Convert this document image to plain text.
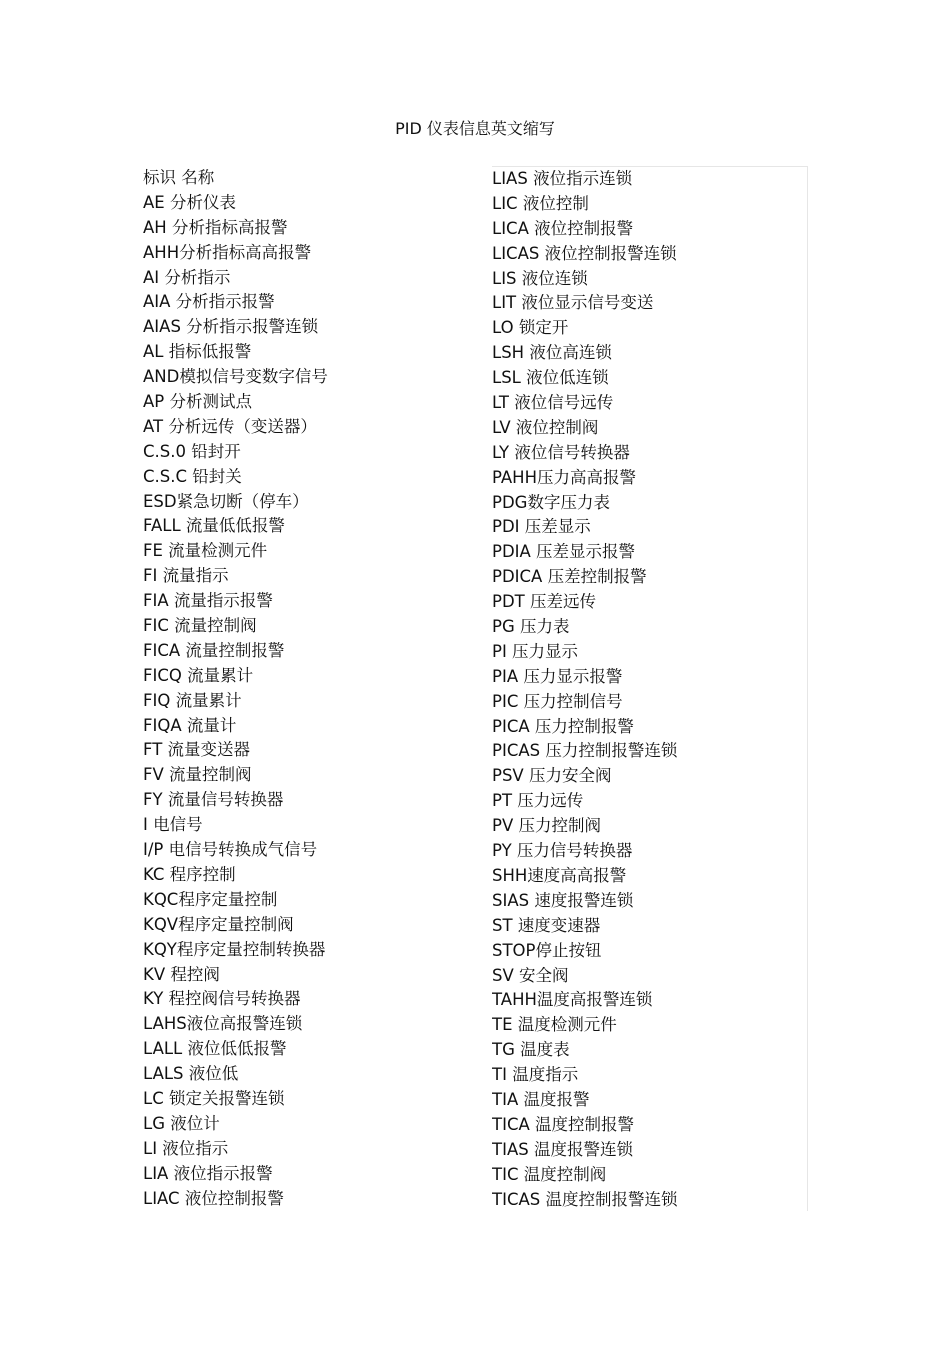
PID 仪表信息英文缩写
标识 名称
AE 分析仪表
AH 分析指标高报警
AHH分析指标高高报警
AI 分析指示
AIA 分析指示报警
AIAS 分析指示报警连锁
AL 指标低报警
AND模拟信号变数字信号
AP 分析测试点
AT 分析远传（变送器）
C.S.0 铅封开
C.S.C 铅封关
ESD紧急切断（停车）
FALL 流量低低报警
FE 流量检测元件
FI 流量指示
FIA 流量指示报警
FIC 流量控制阀
FICA 流量控制报警
FICQ 流量累计
FIQ 流量累计
FIQA 流量计
FT 流量变送器
FV 流量控制阀
FY 流量信号转换器
I 电信号
I/P 电信号转换成气信号
KC 程序控制
KQC程序定量控制
KQV程序定量控制阀
KQY程序定量控制转换器
KV 程控阀
KY 程控阀信号转换器
LAHS液位高报警连锁
LALL 液位低低报警
LALS 液位低
LC 锁定关报警连锁
LG 液位计
LI 液位指示
LIA 液位指示报警
LIAC 液位控制报警
LIAS 液位指示连锁
LIC 液位控制
LICA 液位控制报警
LICAS 液位控制报警连锁
LIS 液位连锁
LIT 液位显示信号变送
LO 锁定开
LSH 液位高连锁
LSL 液位低连锁
LT 液位信号远传
LV 液位控制阀
LY 液位信号转换器
PAHH压力高高报警
PDG数字压力表
PDI 压差显示
PDIA 压差显示报警
PDICA 压差控制报警
PDT 压差远传
PG 压力表
PI 压力显示
PIA 压力显示报警
PIC 压力控制信号
PICA 压力控制报警
PICAS 压力控制报警连锁
PSV 压力安全阀
PT 压力远传
PV 压力控制阀
PY 压力信号转换器
SHH速度高高报警
SIAS 速度报警连锁
ST 速度变速器
STOP停止按钮
SV 安全阀
TAHH温度高报警连锁
TE 温度检测元件
TG 温度表
TI 温度指示
TIA 温度报警
TICA 温度控制报警
TIAS 温度报警连锁
TIC 温度控制阀
TICAS 温度控制报警连锁
